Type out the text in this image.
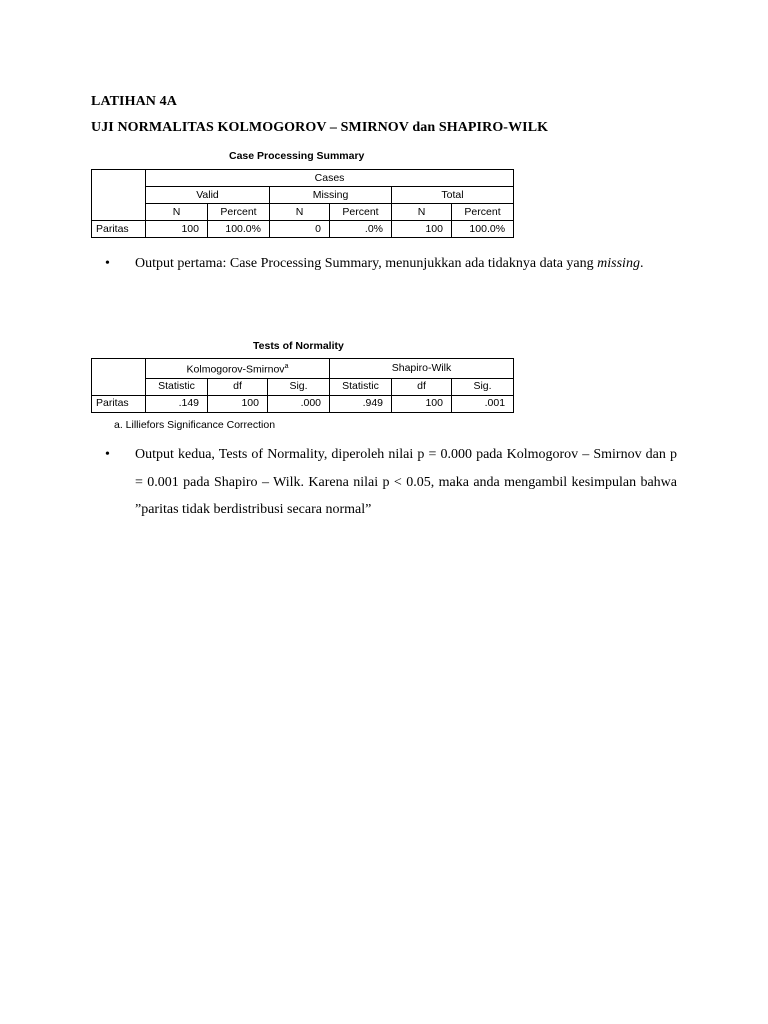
LATIHAN 4A
UJI NORMALITAS KOLMOGOROV – SMIRNOV dan SHAPIRO-WILK
Case Processing Summary
	Cases					
	Valid		Missing		Total	
	N	Percent	N	Percent	N	Percent
Paritas	100	100.0%	0	.0%	100	100.0%
• Output pertama: Case Processing Summary, menunjukkan ada tidaknya data yang missing.
Tests of Normality
	Kolmogorov-Smirnov$^a$			Shapiro-Wilk		
	Statistic	df	Sig.	Statistic	df	Sig.
Paritas	.149	100	.000	.949	100	.001
a. Lilliefors Significance Correction
• Output kedua, Tests of Normality, diperoleh nilai p = 0.000 pada Kolmogorov – Smirnov dan p = 0.001 pada Shapiro – Wilk. Karena nilai p < 0.05, maka anda mengambil kesimpulan bahwa ”paritas tidak berdistribusi secara normal”
